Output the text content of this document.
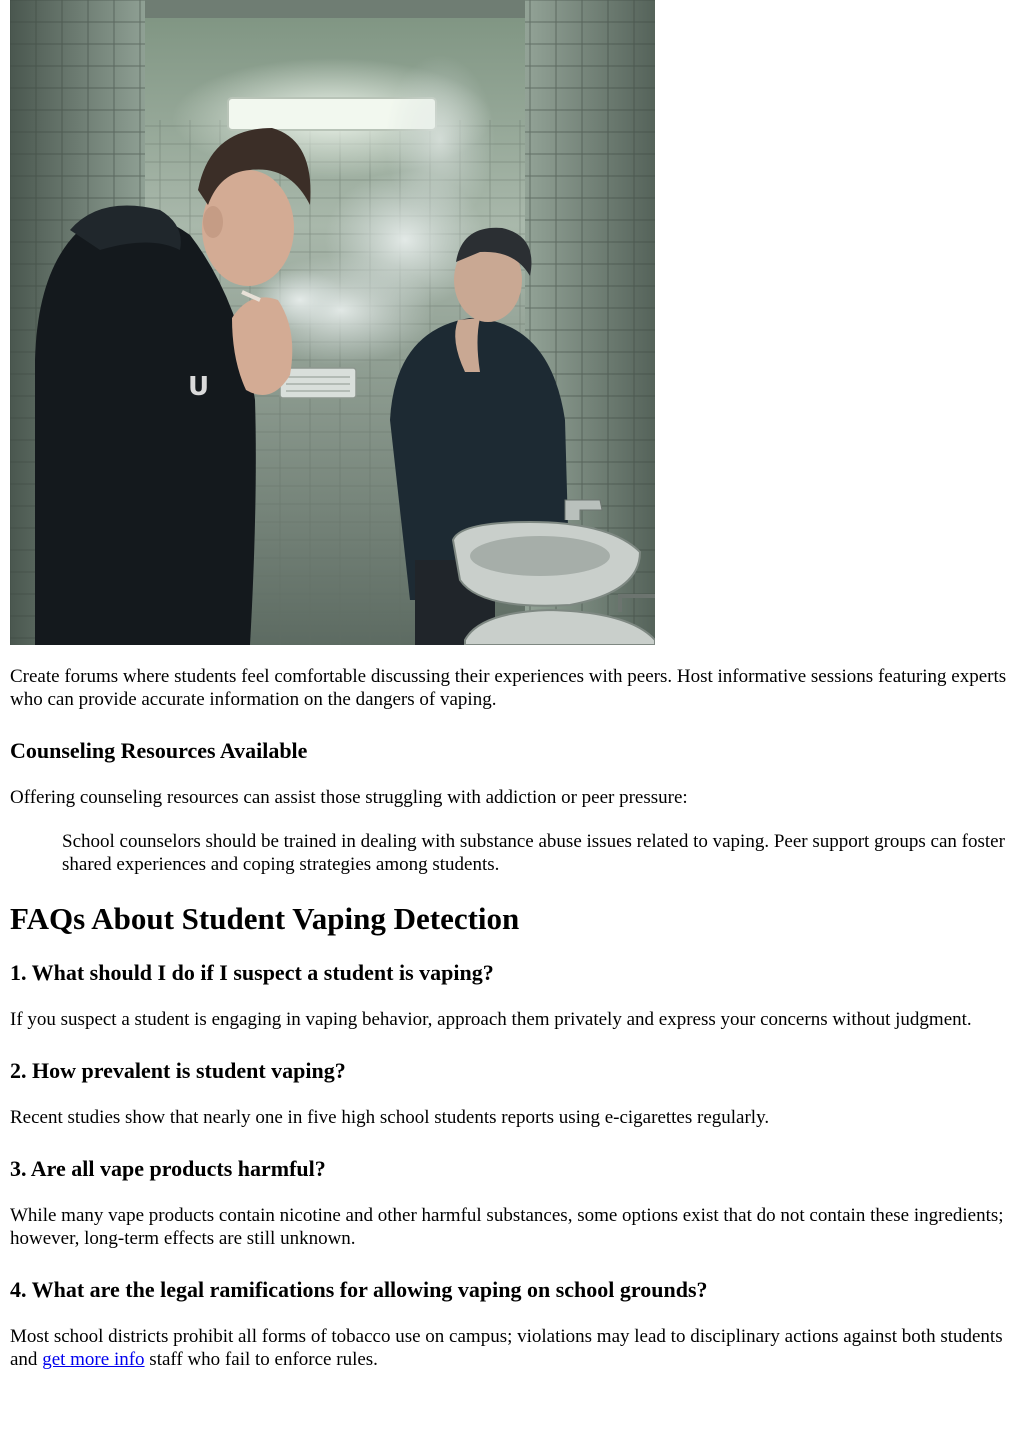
U

Create forums where students feel comfortable discussing their experiences with peers. Host informative sessions featuring experts who can provide accurate information on the dangers of vaping.

Counseling Resources Available

Offering counseling resources can assist those struggling with addiction or peer pressure:

School counselors should be trained in dealing with substance abuse issues related to vaping. Peer support groups can foster shared experiences and coping strategies among students.
FAQs About Student Vaping Detection
1. What should I do if I suspect a student is vaping?

If you suspect a student is engaging in vaping behavior, approach them privately and express your concerns without judgment.

2. How prevalent is student vaping?

Recent studies show that nearly one in five high school students reports using e-cigarettes regularly.

3. Are all vape products harmful?

While many vape products contain nicotine and other harmful substances, some options exist that do not contain these ingredients; however, long-term effects are still unknown.

4. What are the legal ramifications for allowing vaping on school grounds?

Most school districts prohibit all forms of tobacco use on campus; violations may lead to disciplinary actions against both students and get more info staff who fail to enforce rules.
